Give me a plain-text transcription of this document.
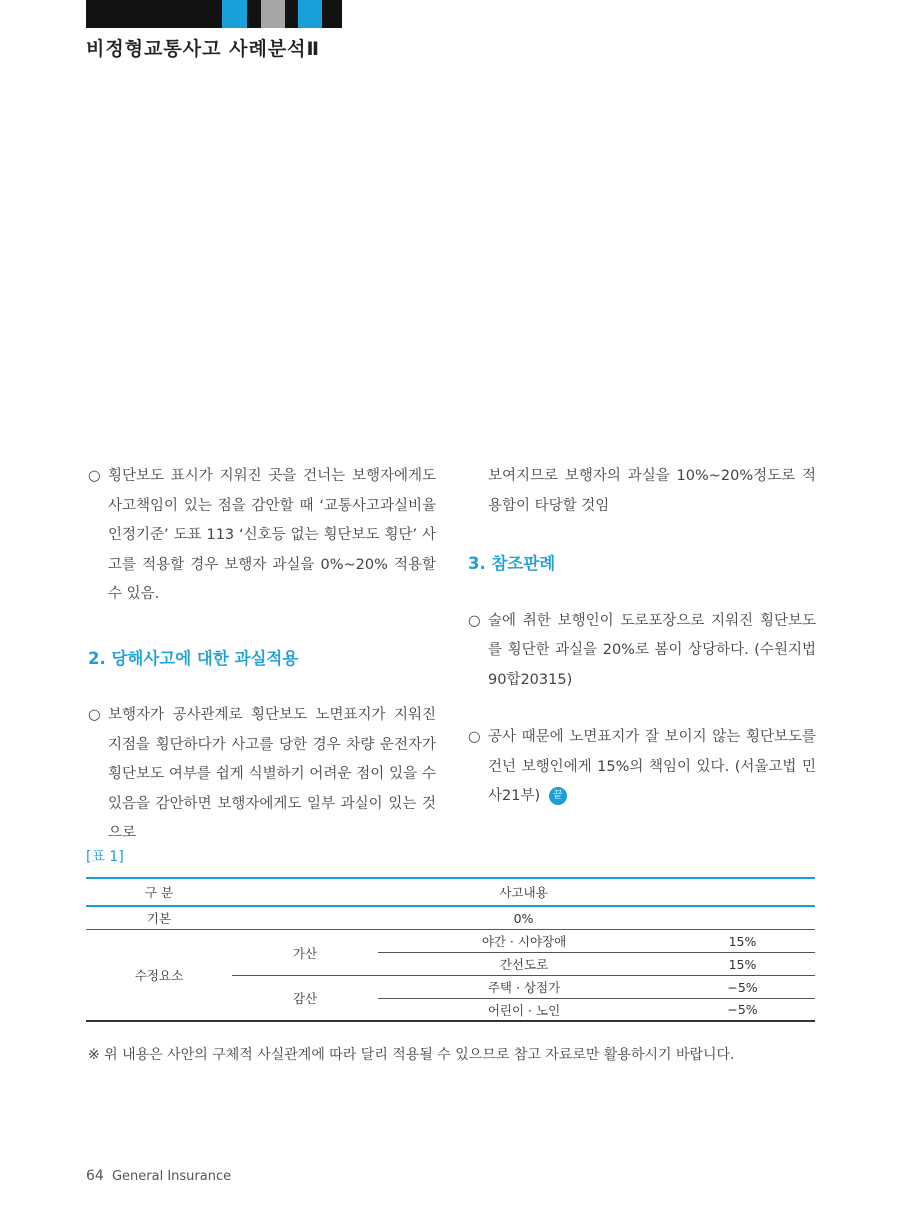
비정형교통사고 사례분석Ⅱ
○ 횡단보도 표시가 지워진 곳을 건너는 보행자에게도 사고책임이 있는 점을 감안할 때 ‘교통사고과실비율 인정기준’ 도표 113 ‘신호등 없는 횡단보도 횡단’ 사고를 적용할 경우 보행자 과실을 0%~20% 적용할 수 있음.
2. 당해사고에 대한 과실적용
○ 보행자가 공사관계로 횡단보도 노면표지가 지워진 지점을 횡단하다가 사고를 당한 경우 차량 운전자가 횡단보도 여부를 쉽게 식별하기 어려운 점이 있을 수 있음을 감안하면 보행자에게도 일부 과실이 있는 것으로
보여지므로 보행자의 과실을 10%~20%정도로 적용함이 타당할 것임
3. 참조판례
○ 술에 취한 보행인이 도로포장으로 지워진 횡단보도를 횡단한 과실을 20%로 봄이 상당하다. (수원지법 90합20315)
○ 공사 때문에 노면표지가 잘 보이지 않는 횡단보도를 건넌 보행인에게 15%의 책임이 있다. (서울고법 민사21부) 끝
[표 1]
구 분	사고내용		
기본	0%		
수정요소	가산	야간 · 시야장애	15%
		간선도로	15%
	감산	주택 · 상점가	−5%
		어린이 · 노인	−5%
※ 위 내용은 사안의 구체적 사실관계에 따라 달리 적용될 수 있으므로 참고 자료로만 활용하시기 바랍니다.
64 General Insurance
